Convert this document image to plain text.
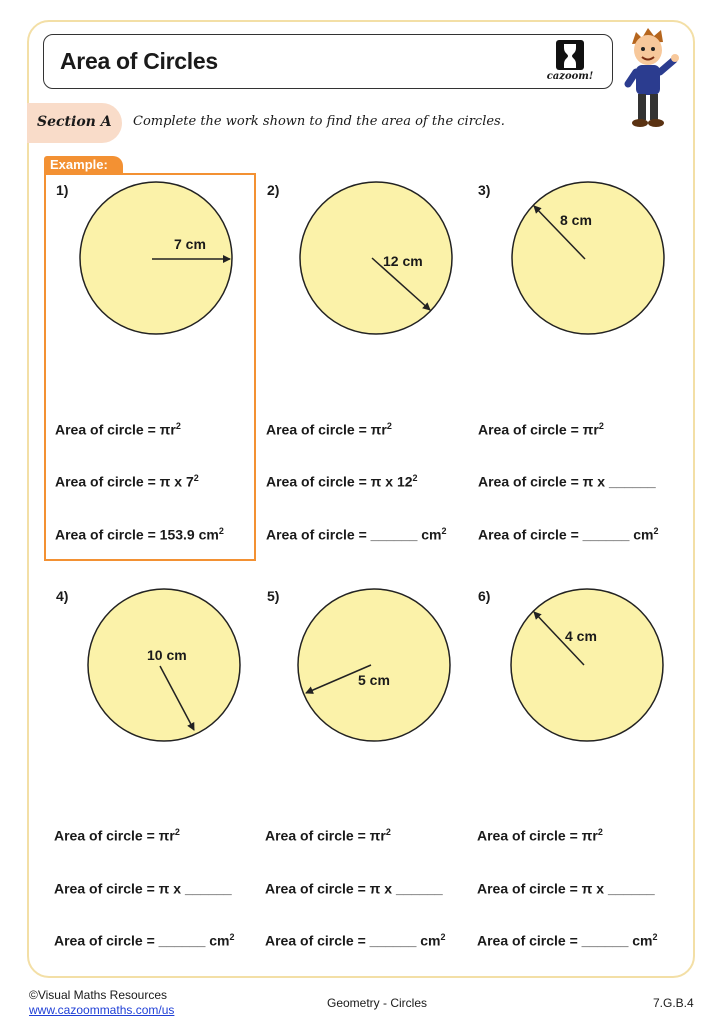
Area of Circles
cazoom!
Section A Complete the work shown to find the area of the circles.
Example:
1)	2)	3)
4)	5)	6)
7 cm
12 cm
8 cm
10 cm
5 cm
4 cm
Area of circle = $\pi r^2$
Area of circle = π x $7^2$
Area of circle = 153.9 $cm^2$
Area of circle = $\pi r^2$
Area of circle = π x $12^2$
Area of circle = ______ $cm^2$
Area of circle = $\pi r^2$
Area of circle = π x ______
Area of circle = ______ $cm^2$
Area of circle = $\pi r^2$
Area of circle = π x ______
Area of circle = ______ $cm^2$
Area of circle = $\pi r^2$
Area of circle = π x ______
Area of circle = ______ $cm^2$
Area of circle = $\pi r^2$
Area of circle = π x ______
Area of circle = ______ $cm^2$
©Visual Maths Resources
www.cazoommaths.com/us	Geometry - Circles	7.G.B.4
